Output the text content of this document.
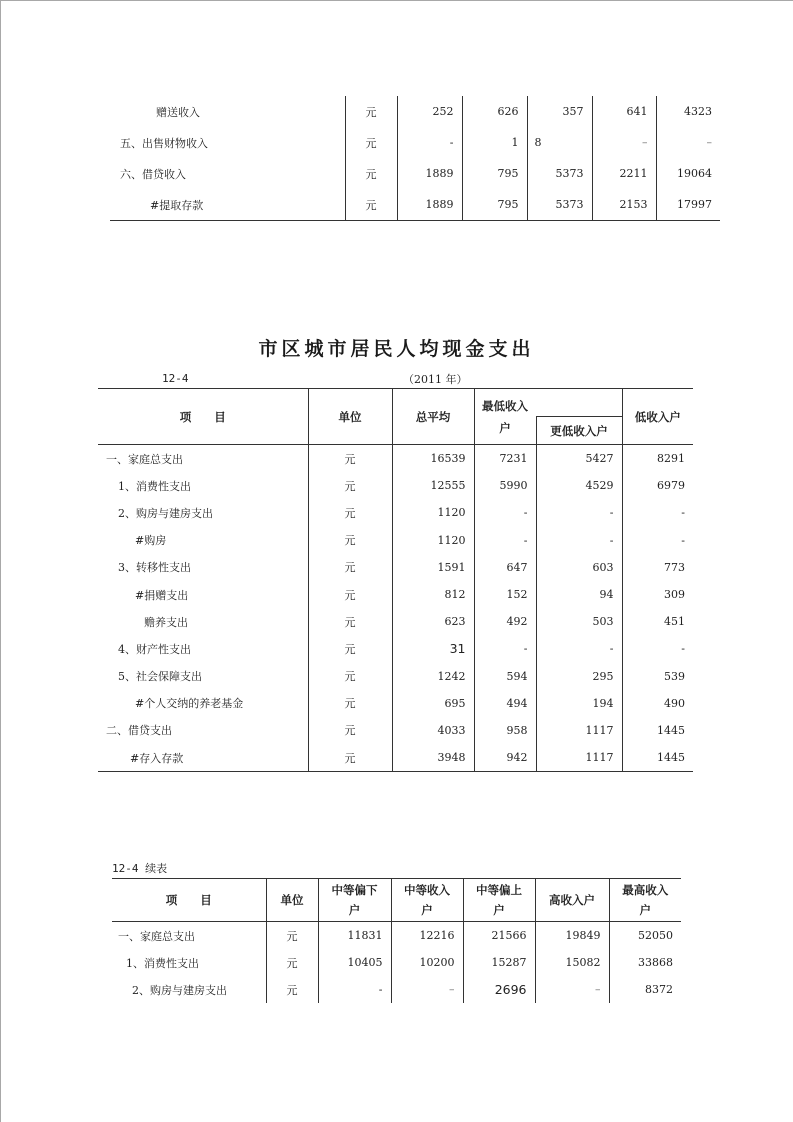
赠送收入	元	252	626	357	641	4323
五、出售财物收入	元	-	1	8	–	–
六、借贷收入	元	1889	795	5373	2211	19064
#提取存款	元	1889	795	5373	2153	17997
市区城市居民人均现金支出
12-4	（2011 年）
项　　目	单位	总平均	最低收入户		低收入户
				更低收入户	
一、家庭总支出	元	16539	7231	5427	8291
1、消费性支出	元	12555	5990	4529	6979
2、购房与建房支出	元	1120	-	-	-
#购房	元	1120	-	-	-
3、转移性支出	元	1591	647	603	773
#捐赠支出	元	812	152	94	309
赡养支出	元	623	492	503	451
4、财产性支出	元	31	-	-	-
5、社会保障支出	元	1242	594	295	539
#个人交纳的养老基金	元	695	494	194	490
二、借贷支出	元	4033	958	1117	1445
#存入存款	元	3948	942	1117	1445
12-4 续表
项　　目	单位	中等偏下户	中等收入户	中等偏上户	高收入户	最高收入户
一、家庭总支出	元	11831	12216	21566	19849	52050
1、消费性支出	元	10405	10200	15287	15082	33868
2、购房与建房支出	元	-	–	2696	–	8372
